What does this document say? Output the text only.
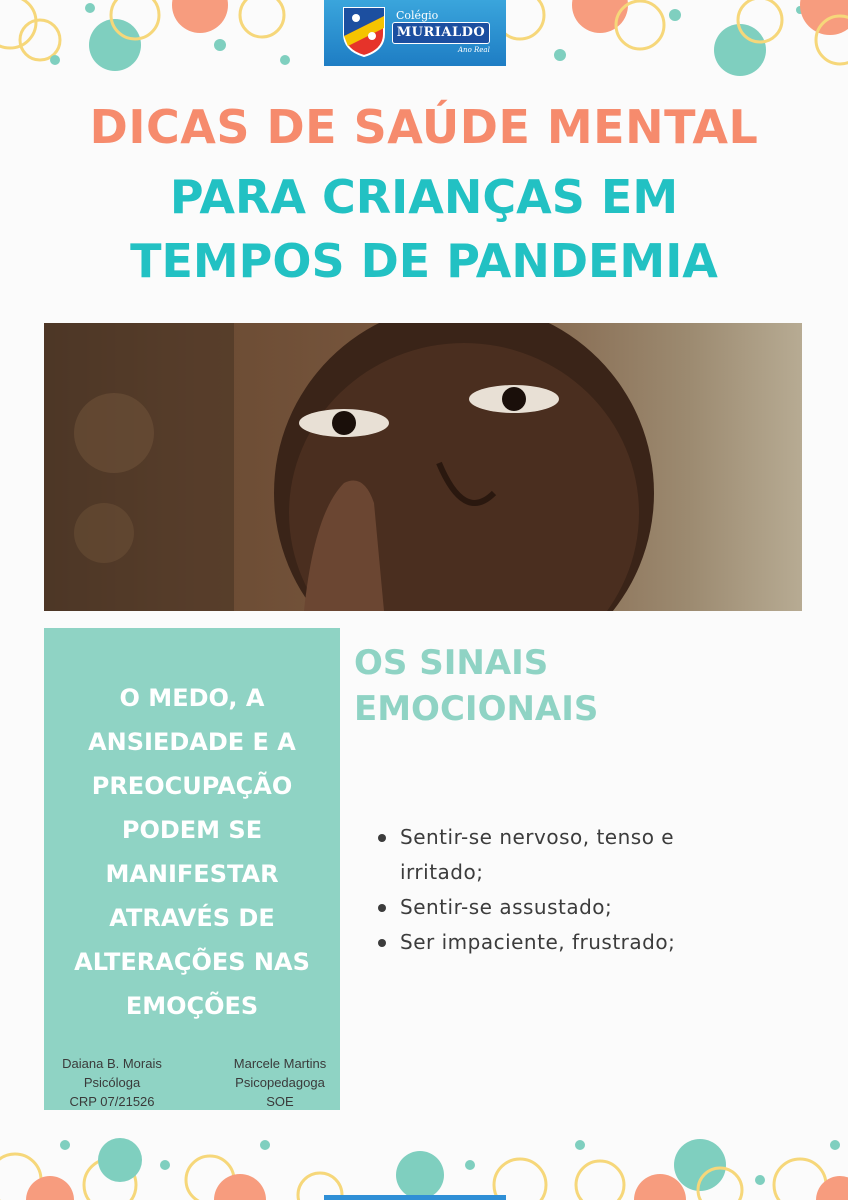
Colégio
MURIALDO
Ano Real
DICAS DE SAÚDE MENTAL
PARA CRIANÇAS EM
TEMPOS DE PANDEMIA

O MEDO, A
ANSIEDADE E A
PREOCUPAÇÃO
PODEM SE
MANIFESTAR
ATRAVÉS DE
ALTERAÇÕES NAS
EMOÇÕES

Daiana B. Morais
Psicóloga
CRP 07/21526
Marcele Martins
Psicopedagoga
SOE
OS SINAIS
EMOCIONAIS
Sentir-se nervoso, tenso e
irritado;
Sentir-se assustado;
Ser impaciente, frustrado;
